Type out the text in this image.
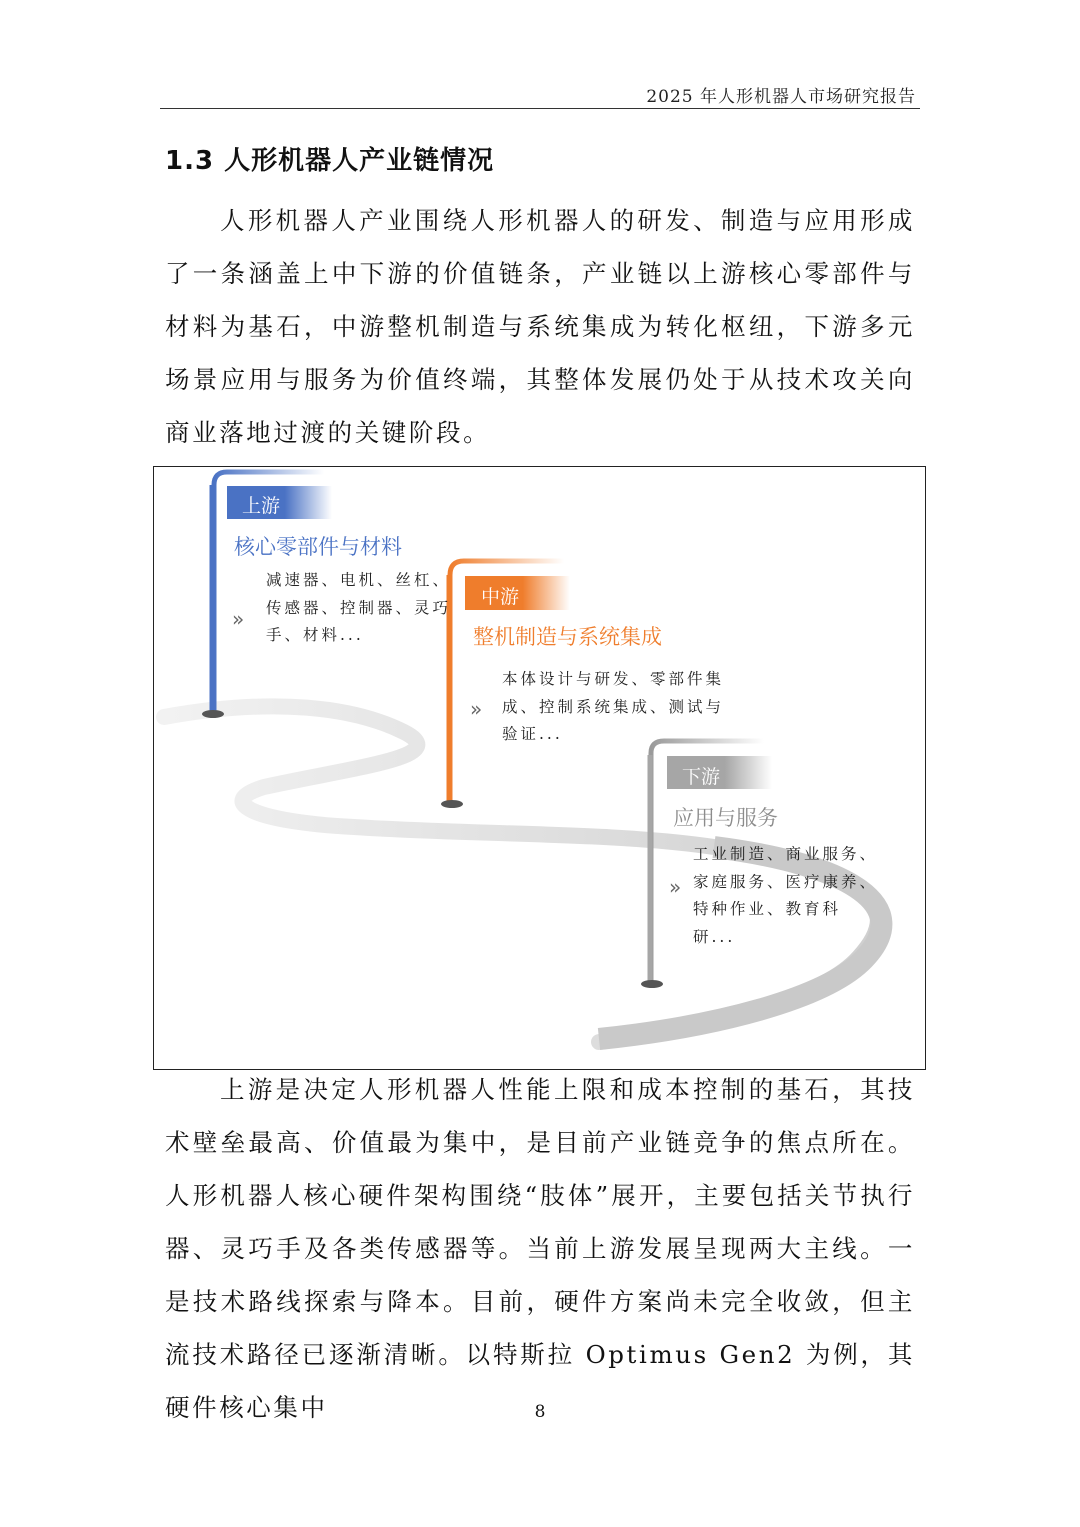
2025 年人形机器人市场研究报告
1.3 人形机器人产业链情况

人形机器人产业围绕人形机器人的研发、制造与应用形成了一条涵盖上中下游的价值链条，产业链以上游核心零部件与材料为基石，中游整机制造与系统集成为转化枢纽，下游多元场景应用与服务为价值终端，其整体发展仍处于从技术攻关向商业落地过渡的关键阶段。

上游
核心零部件与材料
»
减速器、电机、丝杠、
传感器、控制器、灵巧
手、材料...
中游
整机制造与系统集成
»
本体设计与研发、零部件集
成、控制系统集成、测试与
验证...
下游
应用与服务
»
工业制造、商业服务、
家庭服务、医疗康养、
特种作业、教育科
研...

上游是决定人形机器人性能上限和成本控制的基石，其技术壁垒最高、价值最为集中，是目前产业链竞争的焦点所在。人形机器人核心硬件架构围绕“肢体”展开，主要包括关节执行器、灵巧手及各类传感器等。当前上游发展呈现两大主线。一是技术路线探索与降本。目前，硬件方案尚未完全收敛，但主流技术路径已逐渐清晰。以特斯拉 Optimus Gen2 为例，其硬件核心集中	8
